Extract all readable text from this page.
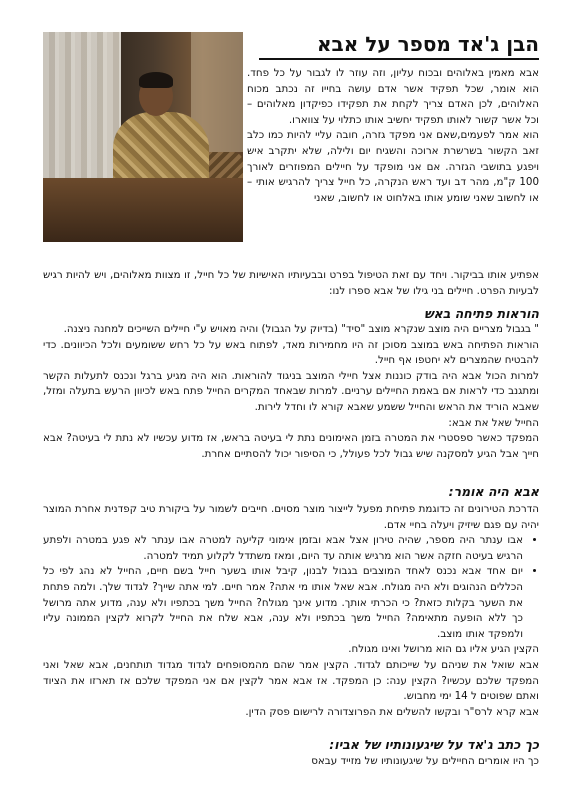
הבן ג'אד מספר על אבא

אבא מאמין באלוהים ובכוח עליון, וזה עוזר לו לגבור על כל פחד. הוא אומר, שכל תפקיד אשר אדם עושה בחייו זה נכתב מכוח האלוהים, לכן האדם צריך לקחת את תפקידו כפיקדון מאלוהים – וכל אשר קשור לאותו תפקיד יחשיב אותו כתלוי על צווארו.

הוא אמר לפעמים,שאם אני מפקד גזרה, חובה עליי להיות כמו כלב זאב הקשור בשרשרת ארוכה והשגיח יום ולילה, שלא יתקרב איש ויפגע בתושבי הגזרה. אם אני מופקד על חיילים המפוזרים לאורך 100 ק"מ, מהר דב ועד ראש הנקרה, כל חייל צריך להרגיש אותי – או לחשוב שאני שומע אותו באלחוט או לחשוב, שאני

אפתיע אותו בביקור. ויחד עם זאת הטיפול בפרט ובבעיותיו האישיות של כל חייל, זו מצוות מאלוהים, ויש להיות רגיש לבעיות הפרט. חיילים בני גילו של אבא ספרו לנו:

הוראות פתיחה באש

" בגבול מצריים היה מוצב שנקרא מוצב "סיד" (בדיוק על הגבול) והיה מאויש ע"י חיילים השייכים למחנה ניצנה.

הוראות הפתיחה באש במוצב מסוכן זה היו מחמירות מאד, לפתוח באש על כל רחש ששומעים ולכל הכיוונים. כדי להבטיח שהמצרים לא יחטפו אף חייל.

למרות הכול אבא היה בודק כוננות אצל חיילי המוצב בניגוד להוראות. הוא היה מגיע ברגל ונכנס לתעלות הקשר ומתגנב כדי לראות אם באמת החיילים ערניים. למרות שבאחד המקרים החייל פתח באש לכיוון הרעש בתעלה ומזל, שאבא הוריד את הראש והחייל ששמע שאבא קורא לו וחדל לירות.

החייל שאל את אבא:

המפקד כאשר ספסטרי את המטרה בזמן האימונים נתת לי בעיטה בראש, אז מדוע עכשיו לא נתת לי בעיטה? אבא חייך אבל הגיע למסקנה שיש גבול לכל פעולל, כי הסיפור יכול להסתיים אחרת.

אבא היה אומר:

הדרכת הטירונים זה כדוגמת פתיחת מפעל לייצור מוצר מסוים. חייבים לשמור על ביקורת טיב קפדנית אחרת המוצר יהיה עם פגם שיזיק ויעלה בחיי אדם.

• אבו ענתר היה מספר, שהיה טירון אצל אבא ובזמן אימוני קליעה למטרה אבו ענתר לא פגע במטרה ולפתע הרגיש בעיטה חזקה אשר הוא מרגיש אותה עד היום, ומאז משתדל לקלוע תמיד למטרה.
• יום אחד אבא נכנס לאחד המוצבים בגבול לבנון, קיבל אותו בשער חייל בשם חיים, החייל לא נהג לפי כל הכללים הנהוגים ולא היה מגולח. אבא שאל אותו מי אתה? אמר חיים. למי אתה שייך? לגדוד שלך. ולמה פתחת את השער בקלות כזאת? כי הכרתי אותך. מדוע אינך מגולח? החייל משך בכתפיו ולא ענה, מדוע אתה מרושל כך ללא הופעה מתאימה? החייל משך בכתפיו ולא ענה, אבא שלח את החייל לקרוא לקצין הממונה עליו ולמפקד אותו מוצב.

הקצין הגיע אליו גם הוא מרושל ואינו מגולח.

אבא שואל את שניהם על שייכותם לגדוד. הקצין אמר שהם מהמסופחים לגדוד מגדוד תותחנים, אבא שאל ואני המפקד שלכם עכשיו? הקצין ענה: כן המפקד. אז אבא אמר לקצין אם אני המפקד שלכם אז תארזו את הציוד ואתם שפוטים ל 14 ימי מחבוש.

אבא קרא לרס"ר ובקשו להשלים את הפרוצדורה לרישום פסק הדין.

כך כתב ג'אד על שיגעונותיו של אביו:

כך היו אומרים החיילים על שיגעונותיו של מזייד עבאס
